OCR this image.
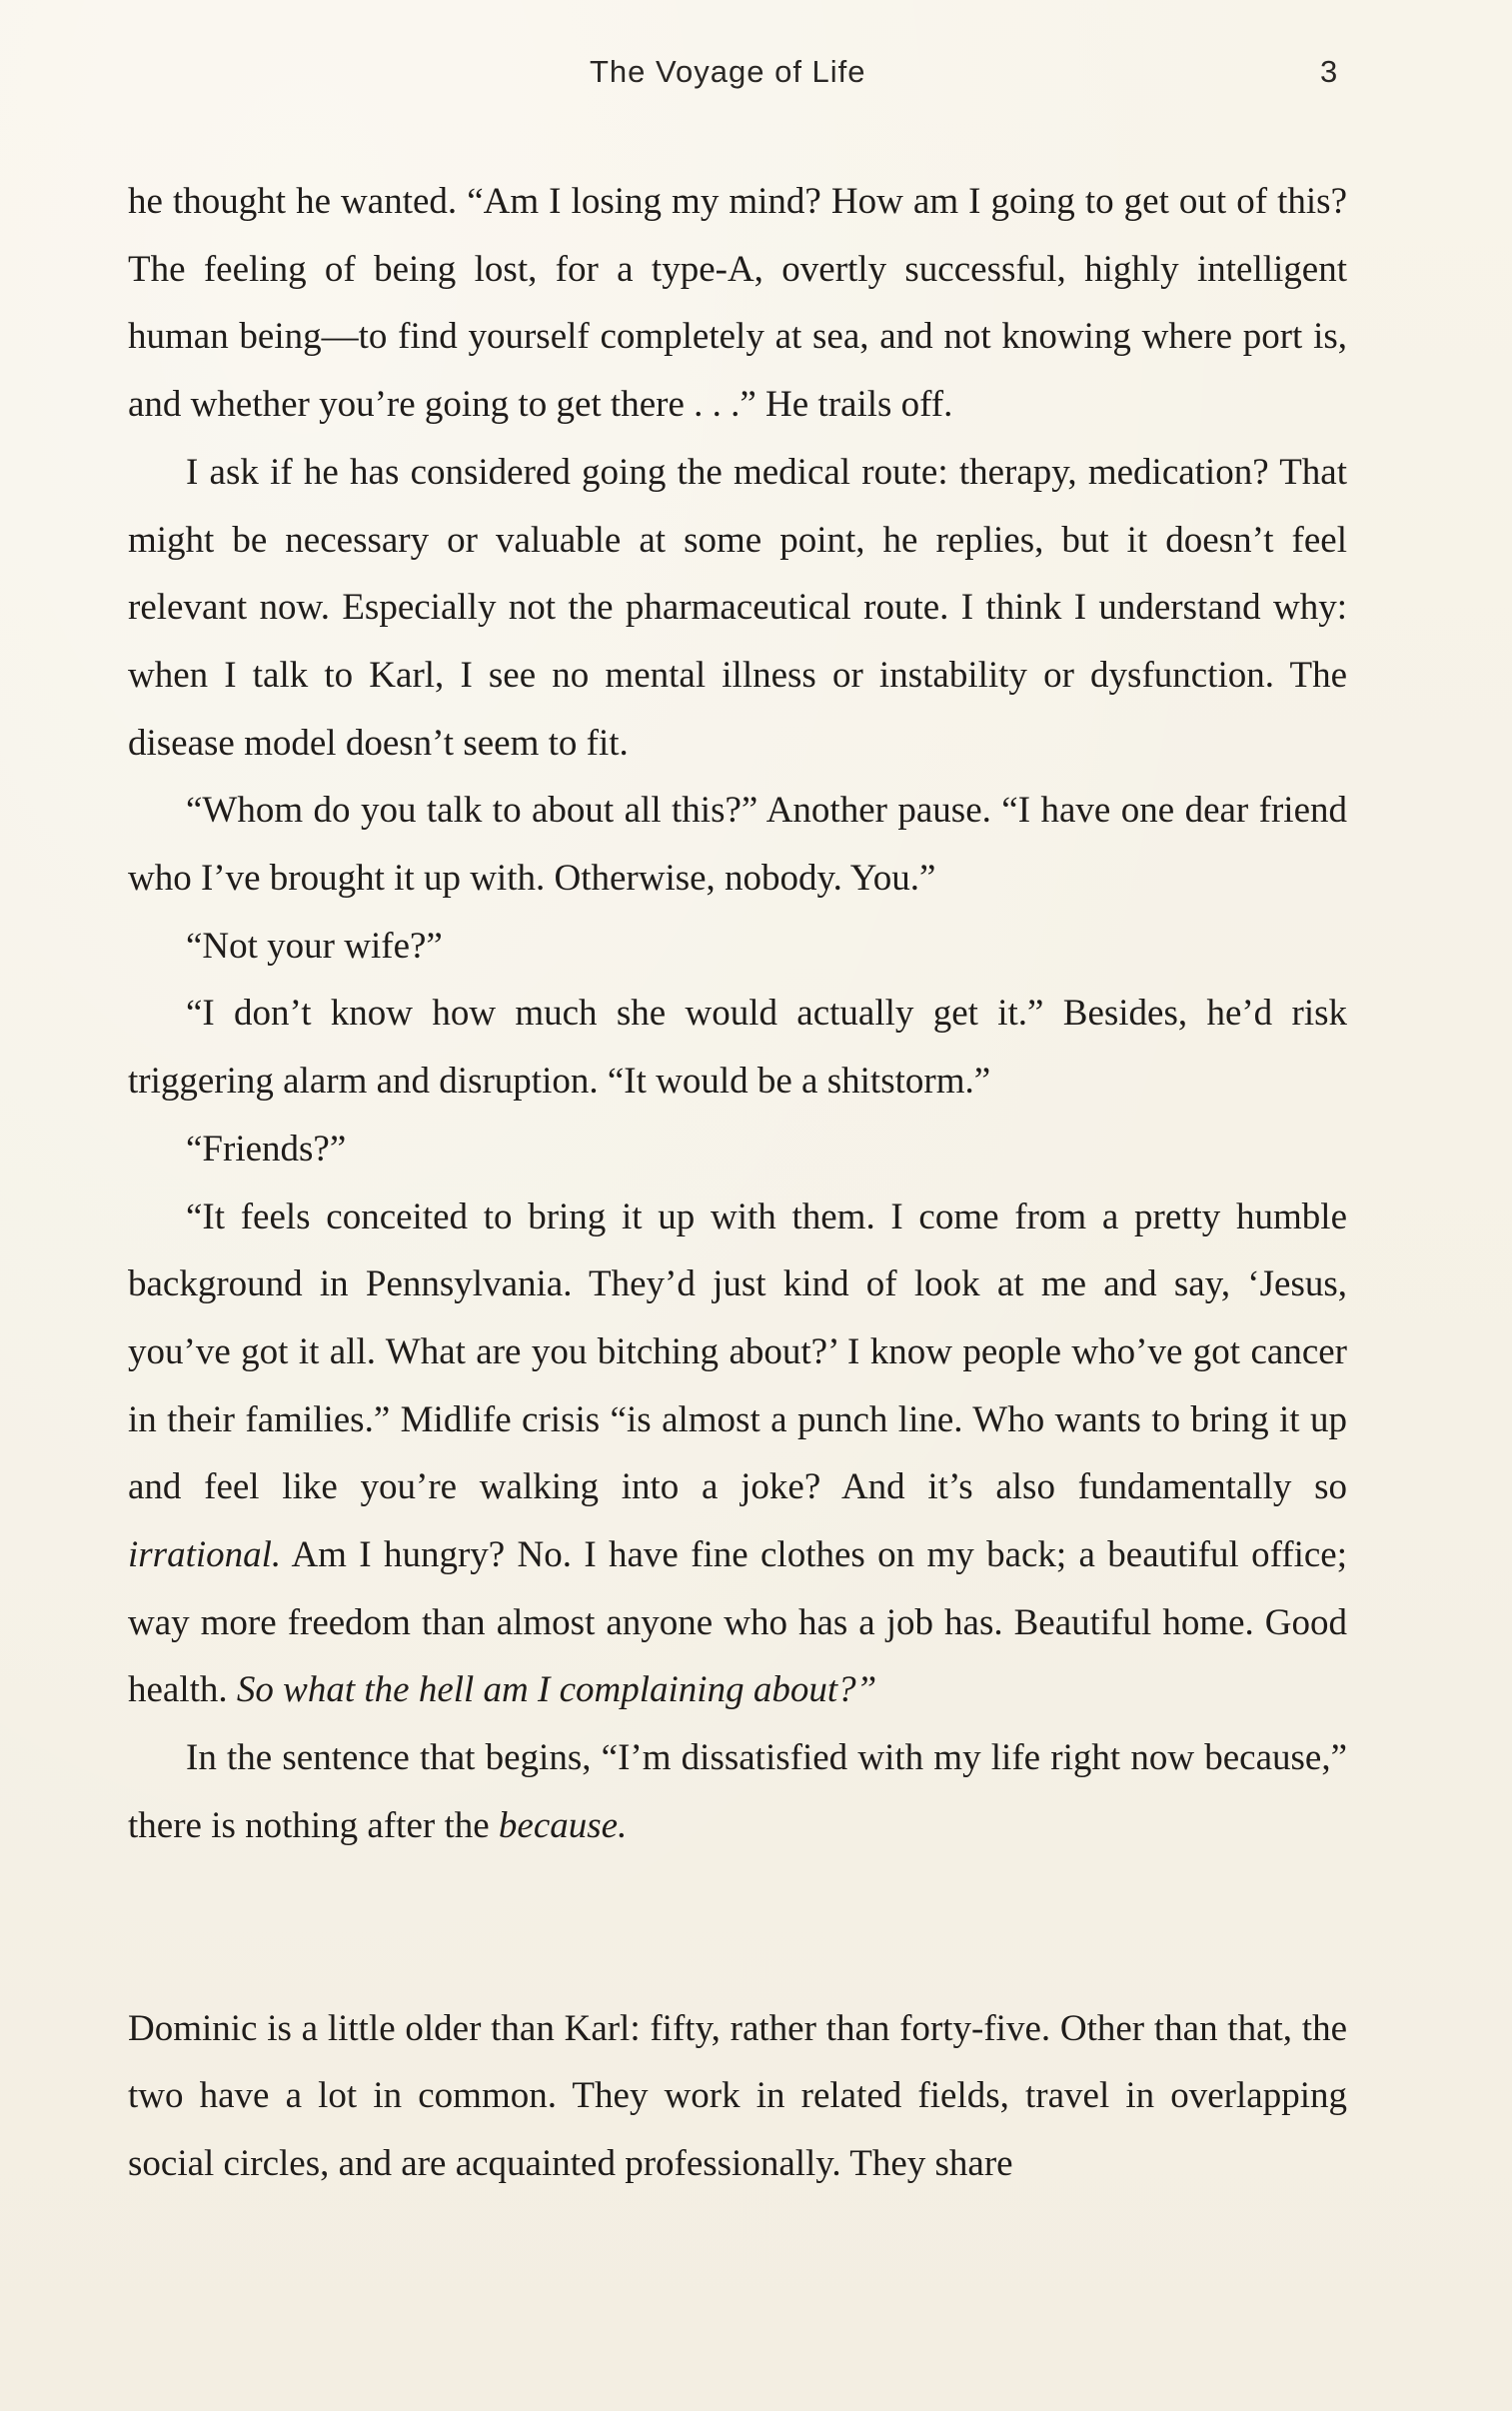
The Voyage of Life	3

he thought he wanted. “Am I losing my mind? How am I going to get out of this? The feeling of being lost, for a type-A, overtly successful, highly intelligent human being—to find yourself completely at sea, and not knowing where port is, and whether you’re going to get there . . .” He trails off.

I ask if he has considered going the medical route: therapy, medication? That might be necessary or valuable at some point, he replies, but it doesn’t feel relevant now. Especially not the pharmaceutical route. I think I understand why: when I talk to Karl, I see no mental illness or instability or dysfunction. The disease model doesn’t seem to fit.

“Whom do you talk to about all this?” Another pause. “I have one dear friend who I’ve brought it up with. Otherwise, nobody. You.”

“Not your wife?”

“I don’t know how much she would actually get it.” Besides, he’d risk triggering alarm and disruption. “It would be a shitstorm.”

“Friends?”

“It feels conceited to bring it up with them. I come from a pretty humble background in Pennsylvania. They’d just kind of look at me and say, ‘Jesus, you’ve got it all. What are you bitching about?’ I know people who’ve got cancer in their families.” Midlife crisis “is almost a punch line. Who wants to bring it up and feel like you’re walking into a joke? And it’s also fundamentally so irrational. Am I hungry? No. I have fine clothes on my back; a beautiful office; way more freedom than almost anyone who has a job has. Beautiful home. Good health. So what the hell am I complaining about?”

In the sentence that begins, “I’m dissatisfied with my life right now because,” there is nothing after the because.

Dominic is a little older than Karl: fifty, rather than forty-five. Other than that, the two have a lot in common. They work in related fields, travel in overlapping social circles, and are acquainted professionally. They share
